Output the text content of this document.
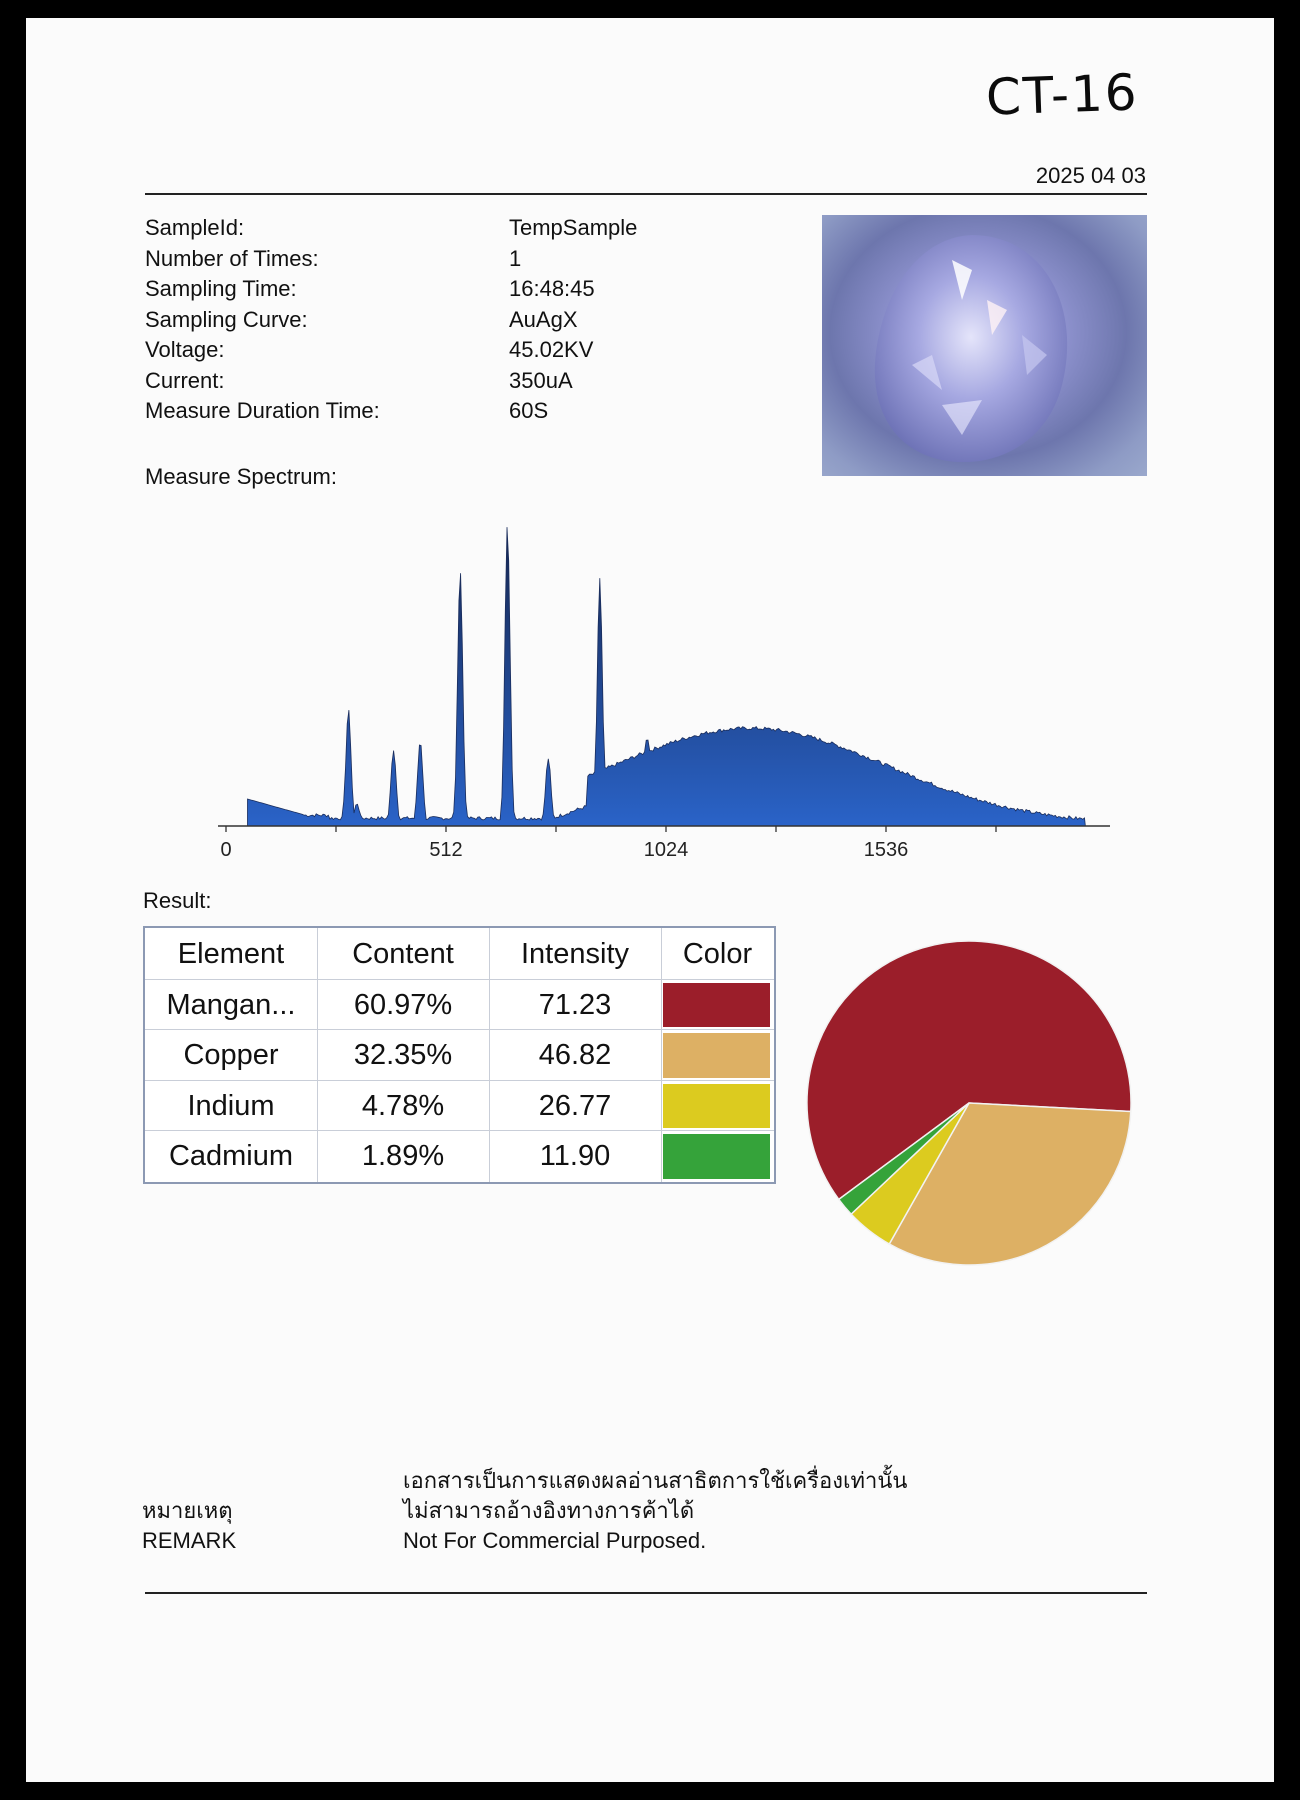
CT-16
2025 04 03
SampleId:	TempSample
Number of Times:	1
Sampling Time:	16:48:45
Sampling Curve:	AuAgX
Voltage:	45.02KV
Current:	350uA
Measure Duration Time:	60S
Measure Spectrum:
0	512	1024	1536
Result:
Element	Content	Intensity	Color
Mangan...	60.97%	71.23
Copper	32.35%	46.82
Indium	4.78%	26.77
Cadmium	1.89%	11.90
เอกสารเป็นการแสดงผลอ่านสาธิตการใช้เครื่องเท่านั้น
ไม่สามารถอ้างอิงทางการค้าได้
Not For Commercial Purposed.
หมายเหตุ
REMARK
